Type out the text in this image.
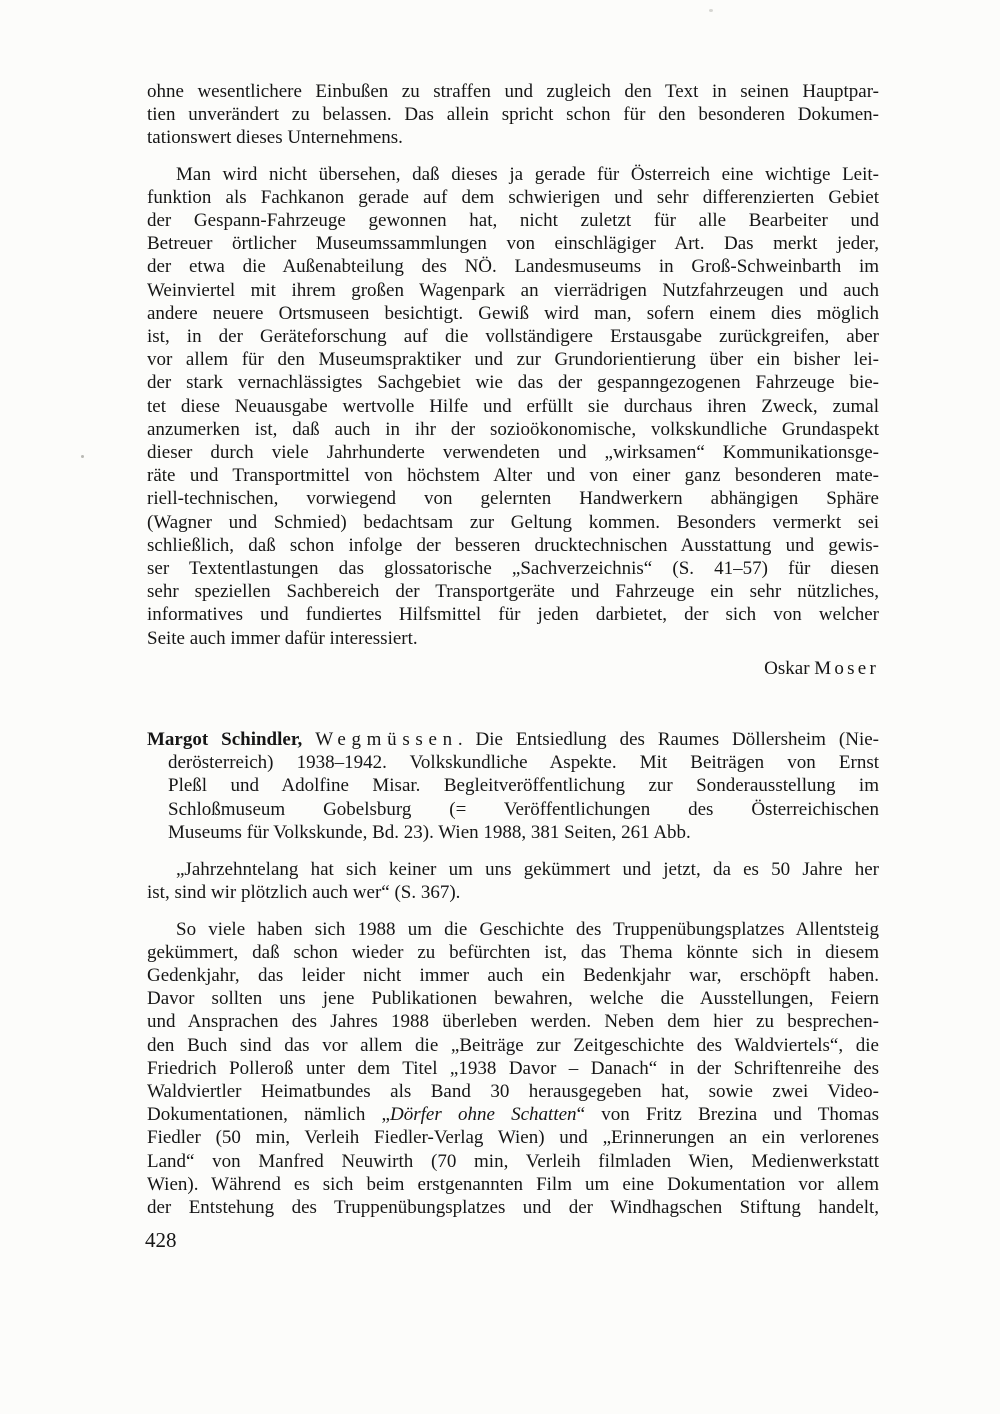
ohne wesentlichere Einbußen zu straffen und zugleich den Text in seinen Hauptpar-
tien unverändert zu belassen. Das allein spricht schon für den besonderen Dokumen-
tationswert dieses Unternehmens.
Man wird nicht übersehen, daß dieses ja gerade für Österreich eine wichtige Leit-
funktion als Fachkanon gerade auf dem schwierigen und sehr differenzierten Gebiet
der Gespann-Fahrzeuge gewonnen hat, nicht zuletzt für alle Bearbeiter und
Betreuer örtlicher Museumssammlungen von einschlägiger Art. Das merkt jeder,
der etwa die Außenabteilung des NÖ. Landesmuseums in Groß-Schweinbarth im
Weinviertel mit ihrem großen Wagenpark an vierrädrigen Nutzfahrzeugen und auch
andere neuere Ortsmuseen besichtigt. Gewiß wird man, sofern einem dies möglich
ist, in der Geräteforschung auf die vollständigere Erstausgabe zurückgreifen, aber
vor allem für den Museumspraktiker und zur Grundorientierung über ein bisher lei-
der stark vernachlässigtes Sachgebiet wie das der gespanngezogenen Fahrzeuge bie-
tet diese Neuausgabe wertvolle Hilfe und erfüllt sie durchaus ihren Zweck, zumal
anzumerken ist, daß auch in ihr der sozioökonomische, volkskundliche Grundaspekt
dieser durch viele Jahrhunderte verwendeten und „wirksamen“ Kommunikationsge-
räte und Transportmittel von höchstem Alter und von einer ganz besonderen mate-
riell-technischen, vorwiegend von gelernten Handwerkern abhängigen Sphäre
(Wagner und Schmied) bedachtsam zur Geltung kommen. Besonders vermerkt sei
schließlich, daß schon infolge der besseren drucktechnischen Ausstattung und gewis-
ser Textentlastungen das glossatorische „Sachverzeichnis“ (S. 41–57) für diesen
sehr speziellen Sachbereich der Transportgeräte und Fahrzeuge ein sehr nützliches,
informatives und fundiertes Hilfsmittel für jeden darbietet, der sich von welcher
Seite auch immer dafür interessiert.
Oskar Moser
Margot Schindler, Wegmüssen. Die Entsiedlung des Raumes Döllersheim (Nie-
derösterreich) 1938–1942. Volkskundliche Aspekte. Mit Beiträgen von Ernst
Pleßl und Adolfine Misar. Begleitveröffentlichung zur Sonderausstellung im
Schloßmuseum Gobelsburg (= Veröffentlichungen des Österreichischen
Museums für Volkskunde, Bd. 23). Wien 1988, 381 Seiten, 261 Abb.
„Jahrzehntelang hat sich keiner um uns gekümmert und jetzt, da es 50 Jahre her
ist, sind wir plötzlich auch wer“ (S. 367).
So viele haben sich 1988 um die Geschichte des Truppenübungsplatzes Allentsteig
gekümmert, daß schon wieder zu befürchten ist, das Thema könnte sich in diesem
Gedenkjahr, das leider nicht immer auch ein Bedenkjahr war, erschöpft haben.
Davor sollten uns jene Publikationen bewahren, welche die Ausstellungen, Feiern
und Ansprachen des Jahres 1988 überleben werden. Neben dem hier zu besprechen-
den Buch sind das vor allem die „Beiträge zur Zeitgeschichte des Waldviertels“, die
Friedrich Polleroß unter dem Titel „1938 Davor – Danach“ in der Schriftenreihe des
Waldviertler Heimatbundes als Band 30 herausgegeben hat, sowie zwei Video-
Dokumentationen, nämlich „Dörfer ohne Schatten“ von Fritz Brezina und Thomas
Fiedler (50 min, Verleih Fiedler-Verlag Wien) und „Erinnerungen an ein verlorenes
Land“ von Manfred Neuwirth (70 min, Verleih filmladen Wien, Medienwerkstatt
Wien). Während es sich beim erstgenannten Film um eine Dokumentation vor allem
der Entstehung des Truppenübungsplatzes und der Windhagschen Stiftung handelt,
428
